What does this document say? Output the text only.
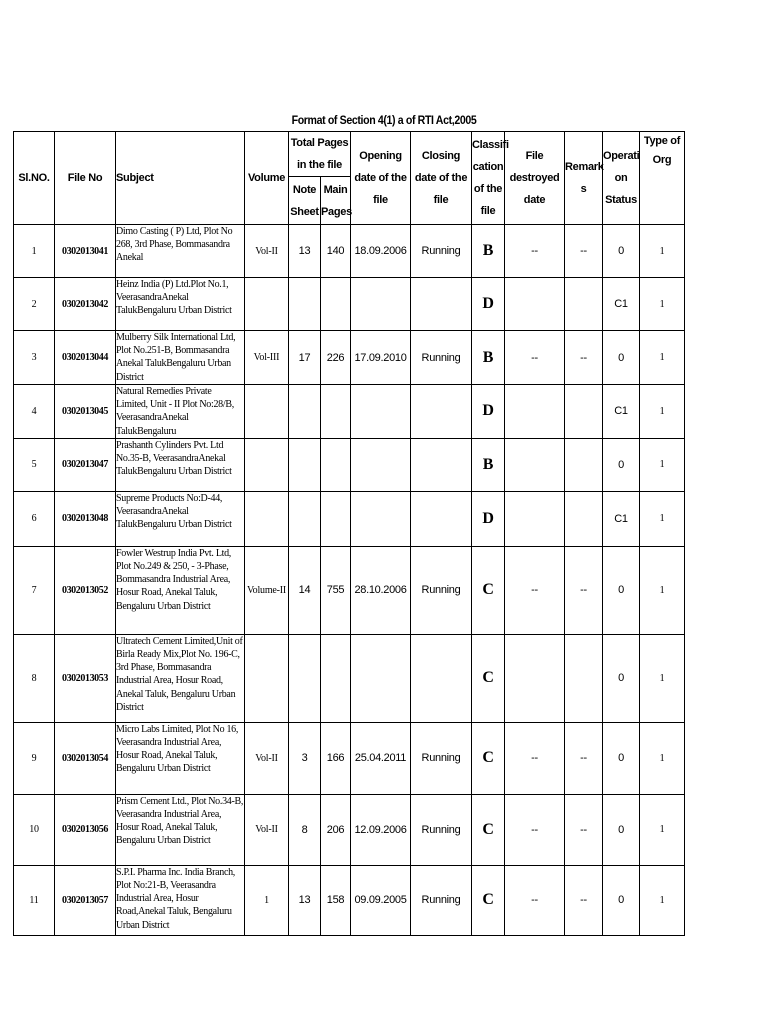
Format of Section 4(1) a of RTI Act,2005
Sl.NO.	File No	Subject	Volume	Total Pages in the file		Opening date of the file	Closing date of the file	Classifi cation of the file	File destroyed date	Remark s	Operati on Status	Type of Org
				Note Sheet	Main Pages							
1	0302013041	Dimo Casting ( P) Ltd, Plot No 268, 3rd Phase, Bommasandra Anekal	Vol-II	13	140	18.09.2006	Running	B	--	--	0	1
2	0302013042	Heinz India (P) Ltd.Plot No.1, VeerasandraAnekal TalukBengaluru Urban District						D			C1	1
3	0302013044	Mulberry Silk International Ltd, Plot No.251-B, Bommasandra Anekal TalukBengaluru Urban District	Vol-III	17	226	17.09.2010	Running	B	--	--	0	1
4	0302013045	Natural Remedies Private Limited, Unit - II Plot No:28/B, VeerasandraAnekal TalukBengaluru						D			C1	1
5	0302013047	Prashanth Cylinders Pvt. Ltd No.35-B, VeerasandraAnekal TalukBengaluru Urban District						B			0	1
6	0302013048	Supreme Products No:D-44, VeerasandraAnekal TalukBengaluru Urban District						D			C1	1
7	0302013052	Fowler Westrup India Pvt. Ltd, Plot No.249 & 250, - 3-Phase, Bommasandra Industrial Area, Hosur Road, Anekal Taluk, Bengaluru Urban District	Volume-II	14	755	28.10.2006	Running	C	--	--	0	1
8	0302013053	Ultratech Cement Limited,Unit of Birla Ready Mix,Plot No. 196-C, 3rd Phase, Bommasandra Industrial Area, Hosur Road, Anekal Taluk, Bengaluru Urban District						C			0	1
9	0302013054	Micro Labs Limited, Plot No 16, Veerasandra Industrial Area, Hosur Road, Anekal Taluk, Bengaluru Urban District	Vol-II	3	166	25.04.2011	Running	C	--	--	0	1
10	0302013056	Prism Cement Ltd., Plot No.34-B, Veerasandra Industrial Area, Hosur Road, Anekal Taluk, Bengaluru Urban District	Vol-II	8	206	12.09.2006	Running	C	--	--	0	1
11	0302013057	S.P.I. Pharma Inc. India Branch, Plot No:21-B, Veerasandra Industrial Area, Hosur Road,Anekal Taluk, Bengaluru Urban District	1	13	158	09.09.2005	Running	C	--	--	0	1
